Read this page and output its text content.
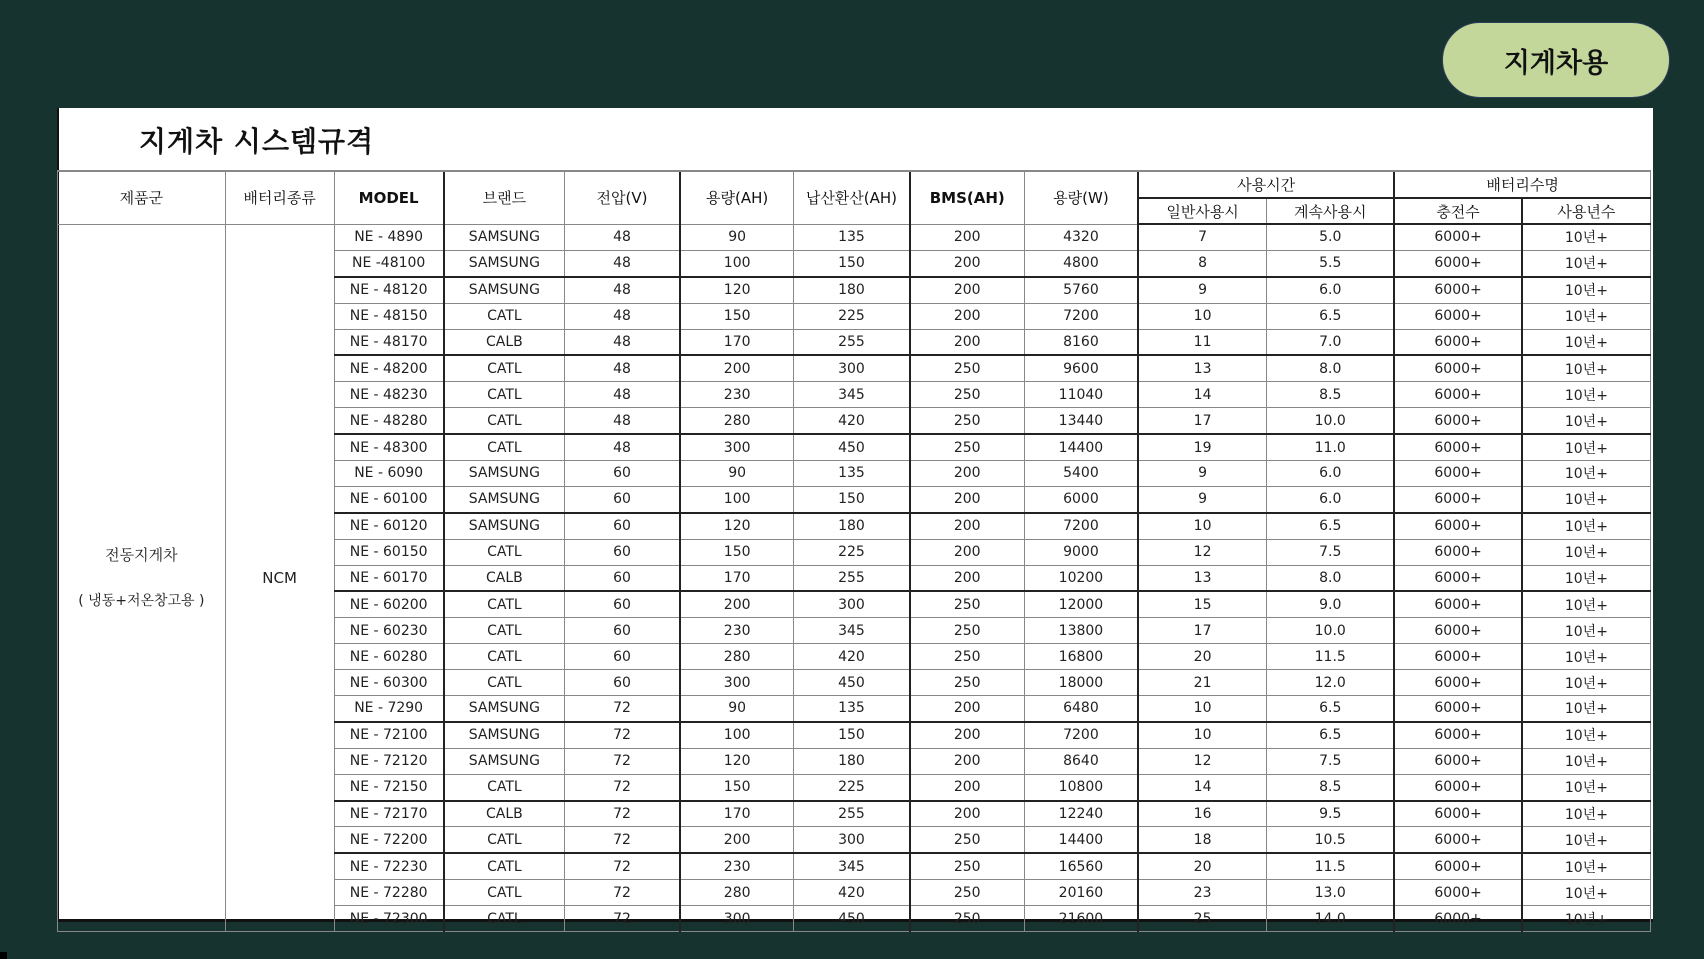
지게차용
지게차 시스템규격
제품군	배터리종류	MODEL	브랜드	전압(V)	용량(AH)	납산환산(AH)	BMS(AH)	용량(W)	사용시간		배터리수명	
									일반사용시	계속사용시	충전수	사용년수
전동지게차

( 냉동+저온창고용 )	NCM	NE - 4890	SAMSUNG	48	90	135	200	4320	7	5.0	6000+	10년+
		NE -48100	SAMSUNG	48	100	150	200	4800	8	5.5	6000+	10년+
		NE - 48120	SAMSUNG	48	120	180	200	5760	9	6.0	6000+	10년+
		NE - 48150	CATL	48	150	225	200	7200	10	6.5	6000+	10년+
		NE - 48170	CALB	48	170	255	200	8160	11	7.0	6000+	10년+
		NE - 48200	CATL	48	200	300	250	9600	13	8.0	6000+	10년+
		NE - 48230	CATL	48	230	345	250	11040	14	8.5	6000+	10년+
		NE - 48280	CATL	48	280	420	250	13440	17	10.0	6000+	10년+
		NE - 48300	CATL	48	300	450	250	14400	19	11.0	6000+	10년+
		NE - 6090	SAMSUNG	60	90	135	200	5400	9	6.0	6000+	10년+
		NE - 60100	SAMSUNG	60	100	150	200	6000	9	6.0	6000+	10년+
		NE - 60120	SAMSUNG	60	120	180	200	7200	10	6.5	6000+	10년+
		NE - 60150	CATL	60	150	225	200	9000	12	7.5	6000+	10년+
		NE - 60170	CALB	60	170	255	200	10200	13	8.0	6000+	10년+
		NE - 60200	CATL	60	200	300	250	12000	15	9.0	6000+	10년+
		NE - 60230	CATL	60	230	345	250	13800	17	10.0	6000+	10년+
		NE - 60280	CATL	60	280	420	250	16800	20	11.5	6000+	10년+
		NE - 60300	CATL	60	300	450	250	18000	21	12.0	6000+	10년+
		NE - 7290	SAMSUNG	72	90	135	200	6480	10	6.5	6000+	10년+
		NE - 72100	SAMSUNG	72	100	150	200	7200	10	6.5	6000+	10년+
		NE - 72120	SAMSUNG	72	120	180	200	8640	12	7.5	6000+	10년+
		NE - 72150	CATL	72	150	225	200	10800	14	8.5	6000+	10년+
		NE - 72170	CALB	72	170	255	200	12240	16	9.5	6000+	10년+
		NE - 72200	CATL	72	200	300	250	14400	18	10.5	6000+	10년+
		NE - 72230	CATL	72	230	345	250	16560	20	11.5	6000+	10년+
		NE - 72280	CATL	72	280	420	250	20160	23	13.0	6000+	10년+
		NE - 72300	CATL	72	300	450	250	21600	25	14.0	6000+	10년+
